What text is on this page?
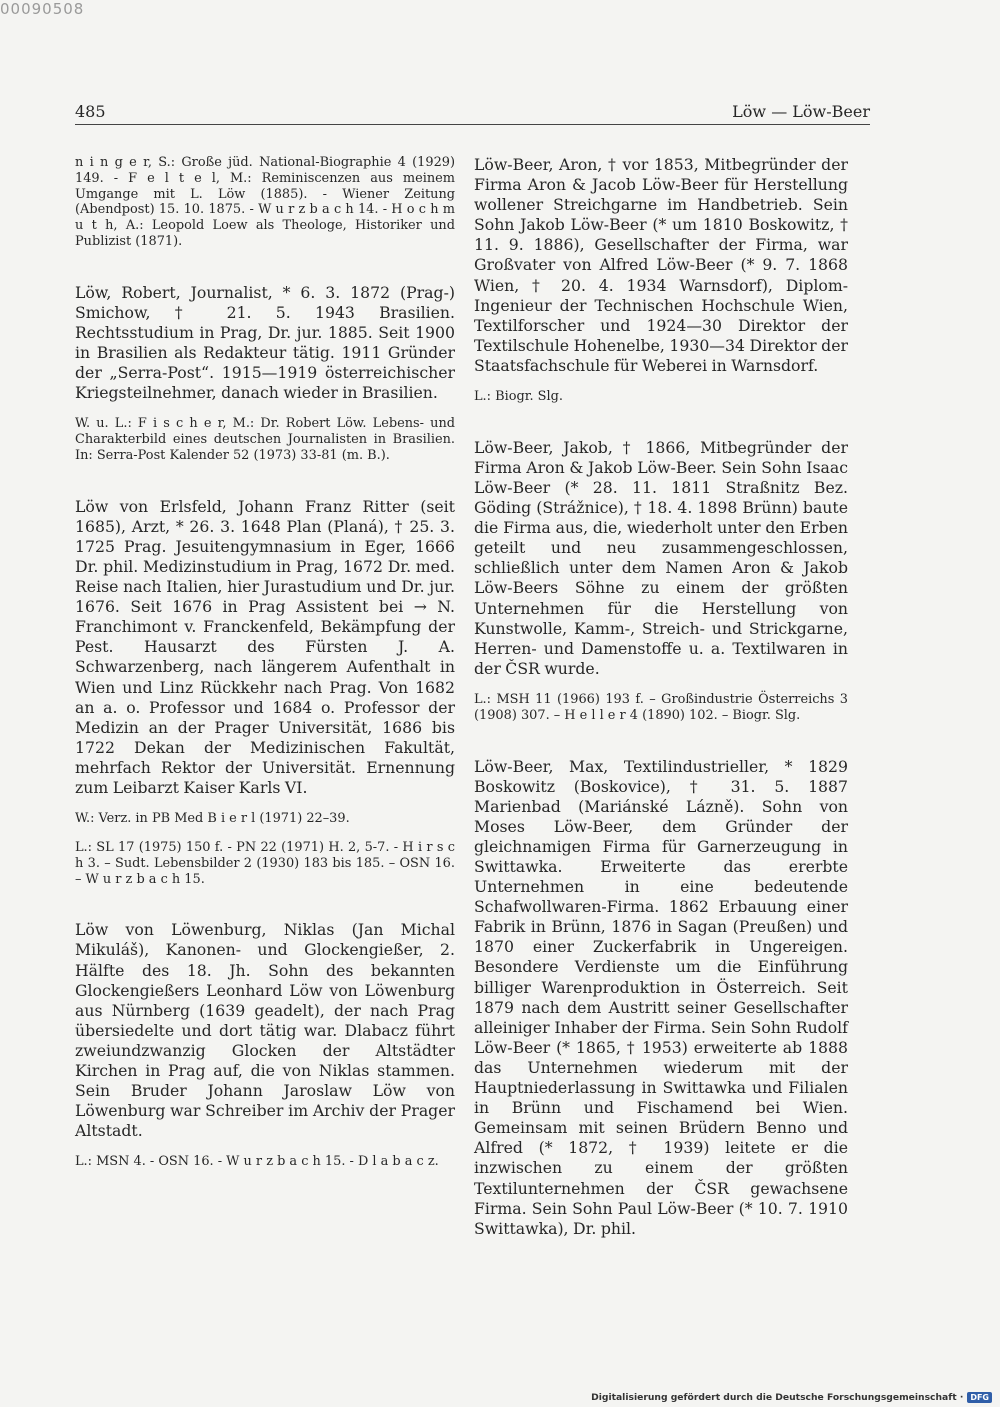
00090508
485	Löw — Löw-Beer

n i n g e r, S.: Große jüd. National-Biographie 4 (1929) 149. - F e l t e l, M.: Reminiscenzen aus meinem Umgange mit L. Löw (1885). - Wiener Zeitung (Abendpost) 15. 10. 1875. - W u r z b a c h 14. - H o c h m u t h, A.: Leopold Loew als Theologe, Historiker und Publizist (1871).

Löw, Robert, Journalist, * 6. 3. 1872 (Prag-) Smichow, † 21. 5. 1943 Brasilien. Rechtsstudium in Prag, Dr. jur. 1885. Seit 1900 in Brasilien als Redakteur tätig. 1911 Gründer der „Serra-Post“. 1915—1919 österreichischer Kriegsteilnehmer, danach wieder in Brasilien.

W. u. L.: F i s c h e r, M.: Dr. Robert Löw. Lebens- und Charakterbild eines deutschen Journalisten in Brasilien. In: Serra-Post Kalender 52 (1973) 33-81 (m. B.).

Löw von Erlsfeld, Johann Franz Ritter (seit 1685), Arzt, * 26. 3. 1648 Plan (Planá), † 25. 3. 1725 Prag. Jesuitengymnasium in Eger, 1666 Dr. phil. Medizinstudium in Prag, 1672 Dr. med. Reise nach Italien, hier Jurastudium und Dr. jur. 1676. Seit 1676 in Prag Assistent bei → N. Franchimont v. Franckenfeld, Bekämpfung der Pest. Hausarzt des Fürsten J. A. Schwarzenberg, nach längerem Aufenthalt in Wien und Linz Rückkehr nach Prag. Von 1682 an a. o. Professor und 1684 o. Professor der Medizin an der Prager Universität, 1686 bis 1722 Dekan der Medizinischen Fakultät, mehrfach Rektor der Universität. Ernennung zum Leibarzt Kaiser Karls VI.

W.: Verz. in PB Med B i e r l (1971) 22–39.

L.: SL 17 (1975) 150 f. - PN 22 (1971) H. 2, 5-7. - H i r s c h 3. – Sudt. Lebensbilder 2 (1930) 183 bis 185. – OSN 16. – W u r z b a c h 15.

Löw von Löwenburg, Niklas (Jan Michal Mikuláš), Kanonen- und Glockengießer, 2. Hälfte des 18. Jh. Sohn des bekannten Glockengießers Leonhard Löw von Löwenburg aus Nürnberg (1639 geadelt), der nach Prag übersiedelte und dort tätig war. Dlabacz führt zweiundzwanzig Glocken der Altstädter Kirchen in Prag auf, die von Niklas stammen. Sein Bruder Johann Jaroslaw Löw von Löwenburg war Schreiber im Archiv der Prager Altstadt.

L.: MSN 4. - OSN 16. - W u r z b a c h 15. - D l a b a c z.

Löw-Beer, Aron, † vor 1853, Mitbegründer der Firma Aron & Jacob Löw-Beer für Herstellung wollener Streichgarne im Handbetrieb. Sein Sohn Jakob Löw-Beer (* um 1810 Boskowitz, † 11. 9. 1886), Gesellschafter der Firma, war Großvater von Alfred Löw-Beer (* 9. 7. 1868 Wien, † 20. 4. 1934 Warnsdorf), Diplom-Ingenieur der Technischen Hochschule Wien, Textilforscher und 1924—30 Direktor der Textilschule Hohenelbe, 1930—34 Direktor der Staatsfachschule für Weberei in Warnsdorf.

L.: Biogr. Slg.

Löw-Beer, Jakob, † 1866, Mitbegründer der Firma Aron & Jakob Löw-Beer. Sein Sohn Isaac Löw-Beer (* 28. 11. 1811 Straßnitz Bez. Göding (Strážnice), † 18. 4. 1898 Brünn) baute die Firma aus, die, wiederholt unter den Erben geteilt und neu zusammengeschlossen, schließlich unter dem Namen Aron & Jakob Löw-Beers Söhne zu einem der größten Unternehmen für die Herstellung von Kunstwolle, Kamm-, Streich- und Strickgarne, Herren- und Damenstoffe u. a. Textilwaren in der ČSR wurde.

L.: MSH 11 (1966) 193 f. – Großindustrie Österreichs 3 (1908) 307. – H e l l e r 4 (1890) 102. – Biogr. Slg.

Löw-Beer, Max, Textilindustrieller, * 1829 Boskowitz (Boskovice), † 31. 5. 1887 Marienbad (Mariánské Lázně). Sohn von Moses Löw-Beer, dem Gründer der gleichnamigen Firma für Garnerzeugung in Swittawka. Erweiterte das ererbte Unternehmen in eine bedeutende Schafwollwaren-Firma. 1862 Erbauung einer Fabrik in Brünn, 1876 in Sagan (Preußen) und 1870 einer Zuckerfabrik in Ungereigen. Besondere Verdienste um die Einführung billiger Warenproduktion in Österreich. Seit 1879 nach dem Austritt seiner Gesellschafter alleiniger Inhaber der Firma. Sein Sohn Rudolf Löw-Beer (* 1865, † 1953) erweiterte ab 1888 das Unternehmen wiederum mit der Hauptniederlassung in Swittawka und Filialen in Brünn und Fischamend bei Wien. Gemeinsam mit seinen Brüdern Benno und Alfred (* 1872, † 1939) leitete er die inzwischen zu einem der größten Textilunternehmen der ČSR gewachsene Firma. Sein Sohn Paul Löw-Beer (* 10. 7. 1910 Swittawka), Dr. phil.

Digitalisierung gefördert durch die Deutsche Forschungsgemeinschaft · DFG
